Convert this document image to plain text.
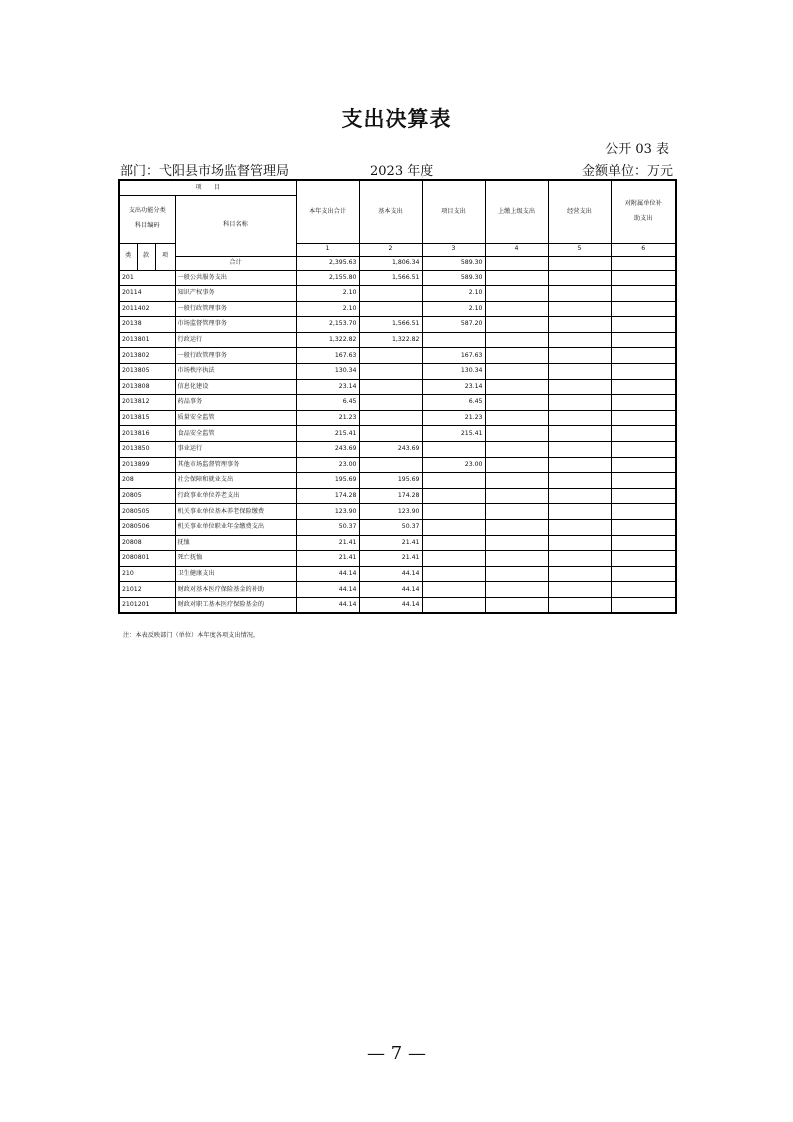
支出决算表
公开 03 表
部门：弋阳县市场监督管理局	2023 年度	金额单位：万元
项　　目				本年支出合计	基本支出	项目支出	上缴上级支出	经营支出	对附属单位补
助支出

支出功能分类
科目编码			科目名称						
类	款	项		1	2	3	4	5	6
			合计	2,395.63	1,806.34	589.30			
201			一般公共服务支出	2,155.80	1,566.51	589.30			
20114			知识产权事务	2.10		2.10			
2011402			一般行政管理事务	2.10		2.10			
20138			市场监督管理事务	2,153.70	1,566.51	587.20			
2013801			行政运行	1,322.82	1,322.82				
2013802			一般行政管理事务	167.63		167.63			
2013805			市场秩序执法	130.34		130.34			
2013808			信息化建设	23.14		23.14			
2013812			药品事务	6.45		6.45			
2013815			质量安全监管	21.23		21.23			
2013816			食品安全监管	215.41		215.41			
2013850			事业运行	243.69	243.69				
2013899			其他市场监督管理事务	23.00		23.00			
208			社会保障和就业支出	195.69	195.69				
20805			行政事业单位养老支出	174.28	174.28				
2080505			机关事业单位基本养老保险缴费	123.90	123.90				
2080506			机关事业单位职业年金缴费支出	50.37	50.37				
20808			抚恤	21.41	21.41				
2080801			死亡抚恤	21.41	21.41				
210			卫生健康支出	44.14	44.14				
21012			财政对基本医疗保险基金的补助	44.14	44.14				
2101201			财政对职工基本医疗保险基金的	44.14	44.14				
注：本表反映部门（单位）本年度各项支出情况。
— 7 —
